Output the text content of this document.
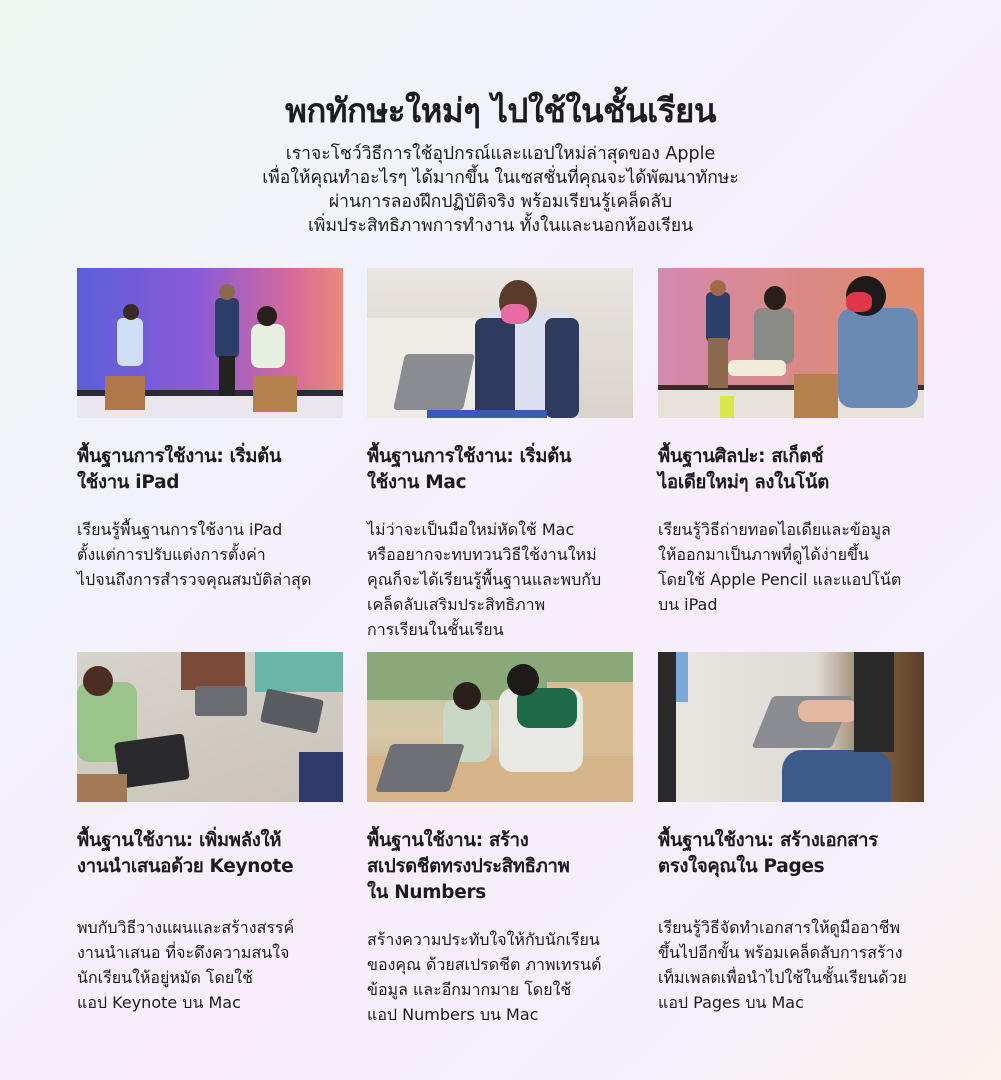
พกทักษะใหม่ๆ ไปใช้ในชั้นเรียน
เราจะโชว์วิธีการใช้อุปกรณ์และแอปใหม่ล่าสุดของ Apple
เพื่อให้คุณทำอะไรๆ ได้มากขึ้น ในเซสชั่นที่คุณจะได้พัฒนาทักษะ
ผ่านการลองฝึกปฏิบัติจริง พร้อมเรียนรู้เคล็ดลับ
เพิ่มประสิทธิภาพการทำงาน ทั้งในและนอกห้องเรียน
พื้นฐานการใช้งาน: เริ่มต้น
ใช้งาน iPad

เรียนรู้พื้นฐานการใช้งาน iPad
ตั้งแต่การปรับแต่งการตั้งค่า
ไปจนถึงการสำรวจคุณสมบัติล่าสุด

พื้นฐานการใช้งาน: เริ่มต้น
ใช้งาน Mac

ไม่ว่าจะเป็นมือใหม่หัดใช้ Mac
หรืออยากจะทบทวนวิธีใช้งานใหม่
คุณก็จะได้เรียนรู้พื้นฐานและพบกับ
เคล็ดลับเสริมประสิทธิภาพ
การเรียนในชั้นเรียน

พื้นฐานศิลปะ: สเก็ตช์
ไอเดียใหม่ๆ ลงในโน้ต

เรียนรู้วิธีถ่ายทอดไอเดียและข้อมูล
ให้ออกมาเป็นภาพที่ดูได้ง่ายขึ้น
โดยใช้ Apple Pencil และแอปโน้ต
บน iPad

พื้นฐานใช้งาน: เพิ่มพลังให้
งานนำเสนอด้วย Keynote

พบกับวิธีวางแผนและสร้างสรรค์
งานนำเสนอ ที่จะดึงความสนใจ
นักเรียนให้อยู่หมัด โดยใช้
แอป Keynote บน Mac

พื้นฐานใช้งาน: สร้าง
สเปรดชีตทรงประสิทธิภาพ
ใน Numbers

สร้างความประทับใจให้กับนักเรียน
ของคุณ ด้วยสเปรดชีต ภาพเทรนด์
ข้อมูล และอีกมากมาย โดยใช้
แอป Numbers บน Mac

พื้นฐานใช้งาน: สร้างเอกสาร
ตรงใจคุณใน Pages

เรียนรู้วิธีจัดทำเอกสารให้ดูมืออาชีพ
ขึ้นไปอีกขั้น พร้อมเคล็ดลับการสร้าง
เท็มเพลตเพื่อนำไปใช้ในชั้นเรียนด้วย
แอป Pages บน Mac
